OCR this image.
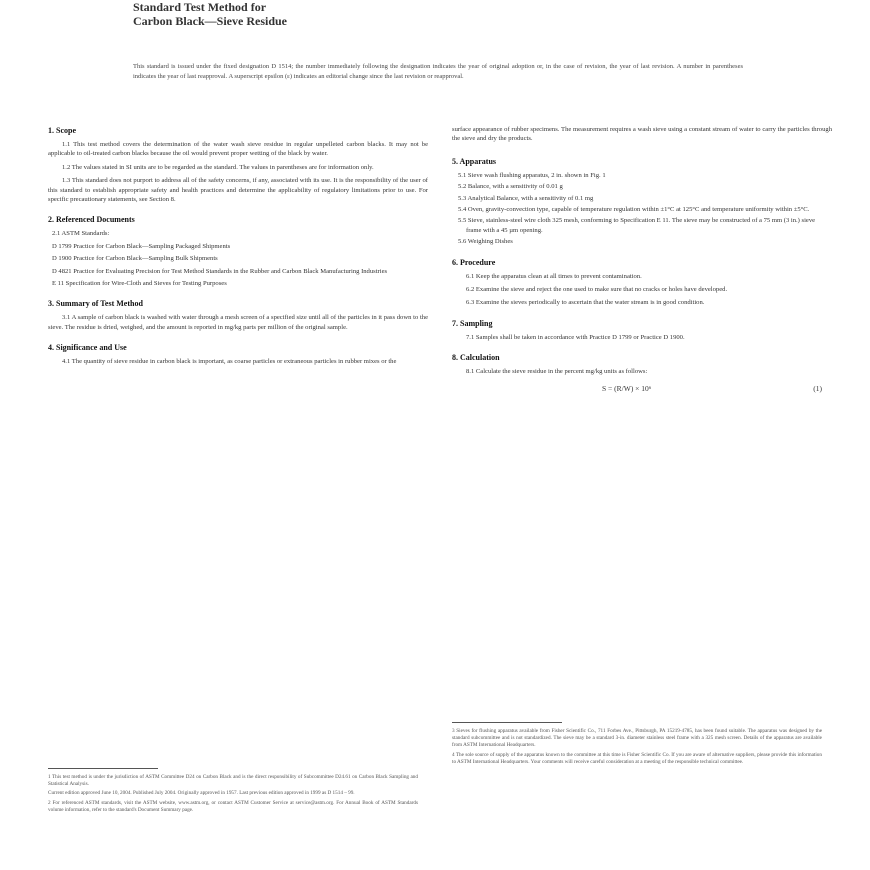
Standard Test Method for
Carbon Black—Sieve Residue
This standard is issued under the fixed designation D 1514; the number immediately following the designation indicates the year of original adoption or, in the case of revision, the year of last revision. A number in parentheses indicates the year of last reapproval. A superscript epsilon (ε) indicates an editorial change since the last revision or reapproval.
1. Scope

1.1 This test method covers the determination of the water wash sieve residue in regular unpelleted carbon blacks. It may not be applicable to oil-treated carbon blacks because the oil would prevent proper wetting of the black by water.

1.2 The values stated in SI units are to be regarded as the standard. The values in parentheses are for information only.

1.3 This standard does not purport to address all of the safety concerns, if any, associated with its use. It is the responsibility of the user of this standard to establish appropriate safety and health practices and determine the applicability of regulatory limitations prior to use. For specific precautionary statements, see Section 8.

2. Referenced Documents

2.1 ASTM Standards:

D 1799 Practice for Carbon Black—Sampling Packaged Shipments

D 1900 Practice for Carbon Black—Sampling Bulk Shipments

D 4821 Practice for Evaluating Precision for Test Method Standards in the Rubber and Carbon Black Manufacturing Industries

E 11 Specification for Wire-Cloth and Sieves for Testing Purposes

3. Summary of Test Method

3.1 A sample of carbon black is washed with water through a mesh screen of a specified size until all of the particles in it pass down to the sieve. The residue is dried, weighed, and the amount is reported in mg/kg parts per million of the original sample.

4. Significance and Use

4.1 The quantity of sieve residue in carbon black is important, as coarse particles or extraneous particles in rubber mixes or the

1 This test method is under the jurisdiction of ASTM Committee D24 on Carbon Black and is the direct responsibility of Subcommittee D24.61 on Carbon Black Sampling and Statistical Analysis.

Current edition approved June 10, 2004. Published July 2004. Originally approved in 1957. Last previous edition approved in 1999 as D 1514 – 99.

2 For referenced ASTM standards, visit the ASTM website, www.astm.org, or contact ASTM Customer Service at service@astm.org. For Annual Book of ASTM Standards volume information, refer to the standard's Document Summary page.

surface appearance of rubber specimens. The measurement requires a wash sieve using a constant stream of water to carry the particles through the sieve and dry the products.

5. Apparatus

5.1 Sieve wash flushing apparatus, 2 in. shown in Fig. 1

5.2 Balance, with a sensitivity of 0.01 g

5.3 Analytical Balance, with a sensitivity of 0.1 mg

5.4 Oven, gravity-convection type, capable of temperature regulation within ±1°C at 125°C and temperature uniformity within ±5°C.

5.5 Sieve, stainless-steel wire cloth 325 mesh, conforming to Specification E 11. The sieve may be constructed of a 75 mm (3 in.) sieve frame with a 45 µm opening.

5.6 Weighing Dishes

6. Procedure

6.1 Keep the apparatus clean at all times to prevent contamination.

6.2 Examine the sieve and reject the one used to make sure that no cracks or holes have developed.

6.3 Examine the sieves periodically to ascertain that the water stream is in good condition.

7. Sampling

7.1 Samples shall be taken in accordance with Practice D 1799 or Practice D 1900.

8. Calculation

8.1 Calculate the sieve residue in the percent mg/kg units as follows:

S = (R/W) × 10⁶	(1)

3 Sieves for flushing apparatus available from Fisher Scientific Co., 711 Forbes Ave., Pittsburgh, PA 15219-4785, has been found suitable. The apparatus was designed by the standard subcommittee and is not standardized. The sieve may be a standard 3-in. diameter stainless steel frame with a 325 mesh screen. Details of the apparatus are available from ASTM International Headquarters.

4 The sole source of supply of the apparatus known to the committee at this time is Fisher Scientific Co. If you are aware of alternative suppliers, please provide this information to ASTM International Headquarters. Your comments will receive careful consideration at a meeting of the responsible technical committee.
